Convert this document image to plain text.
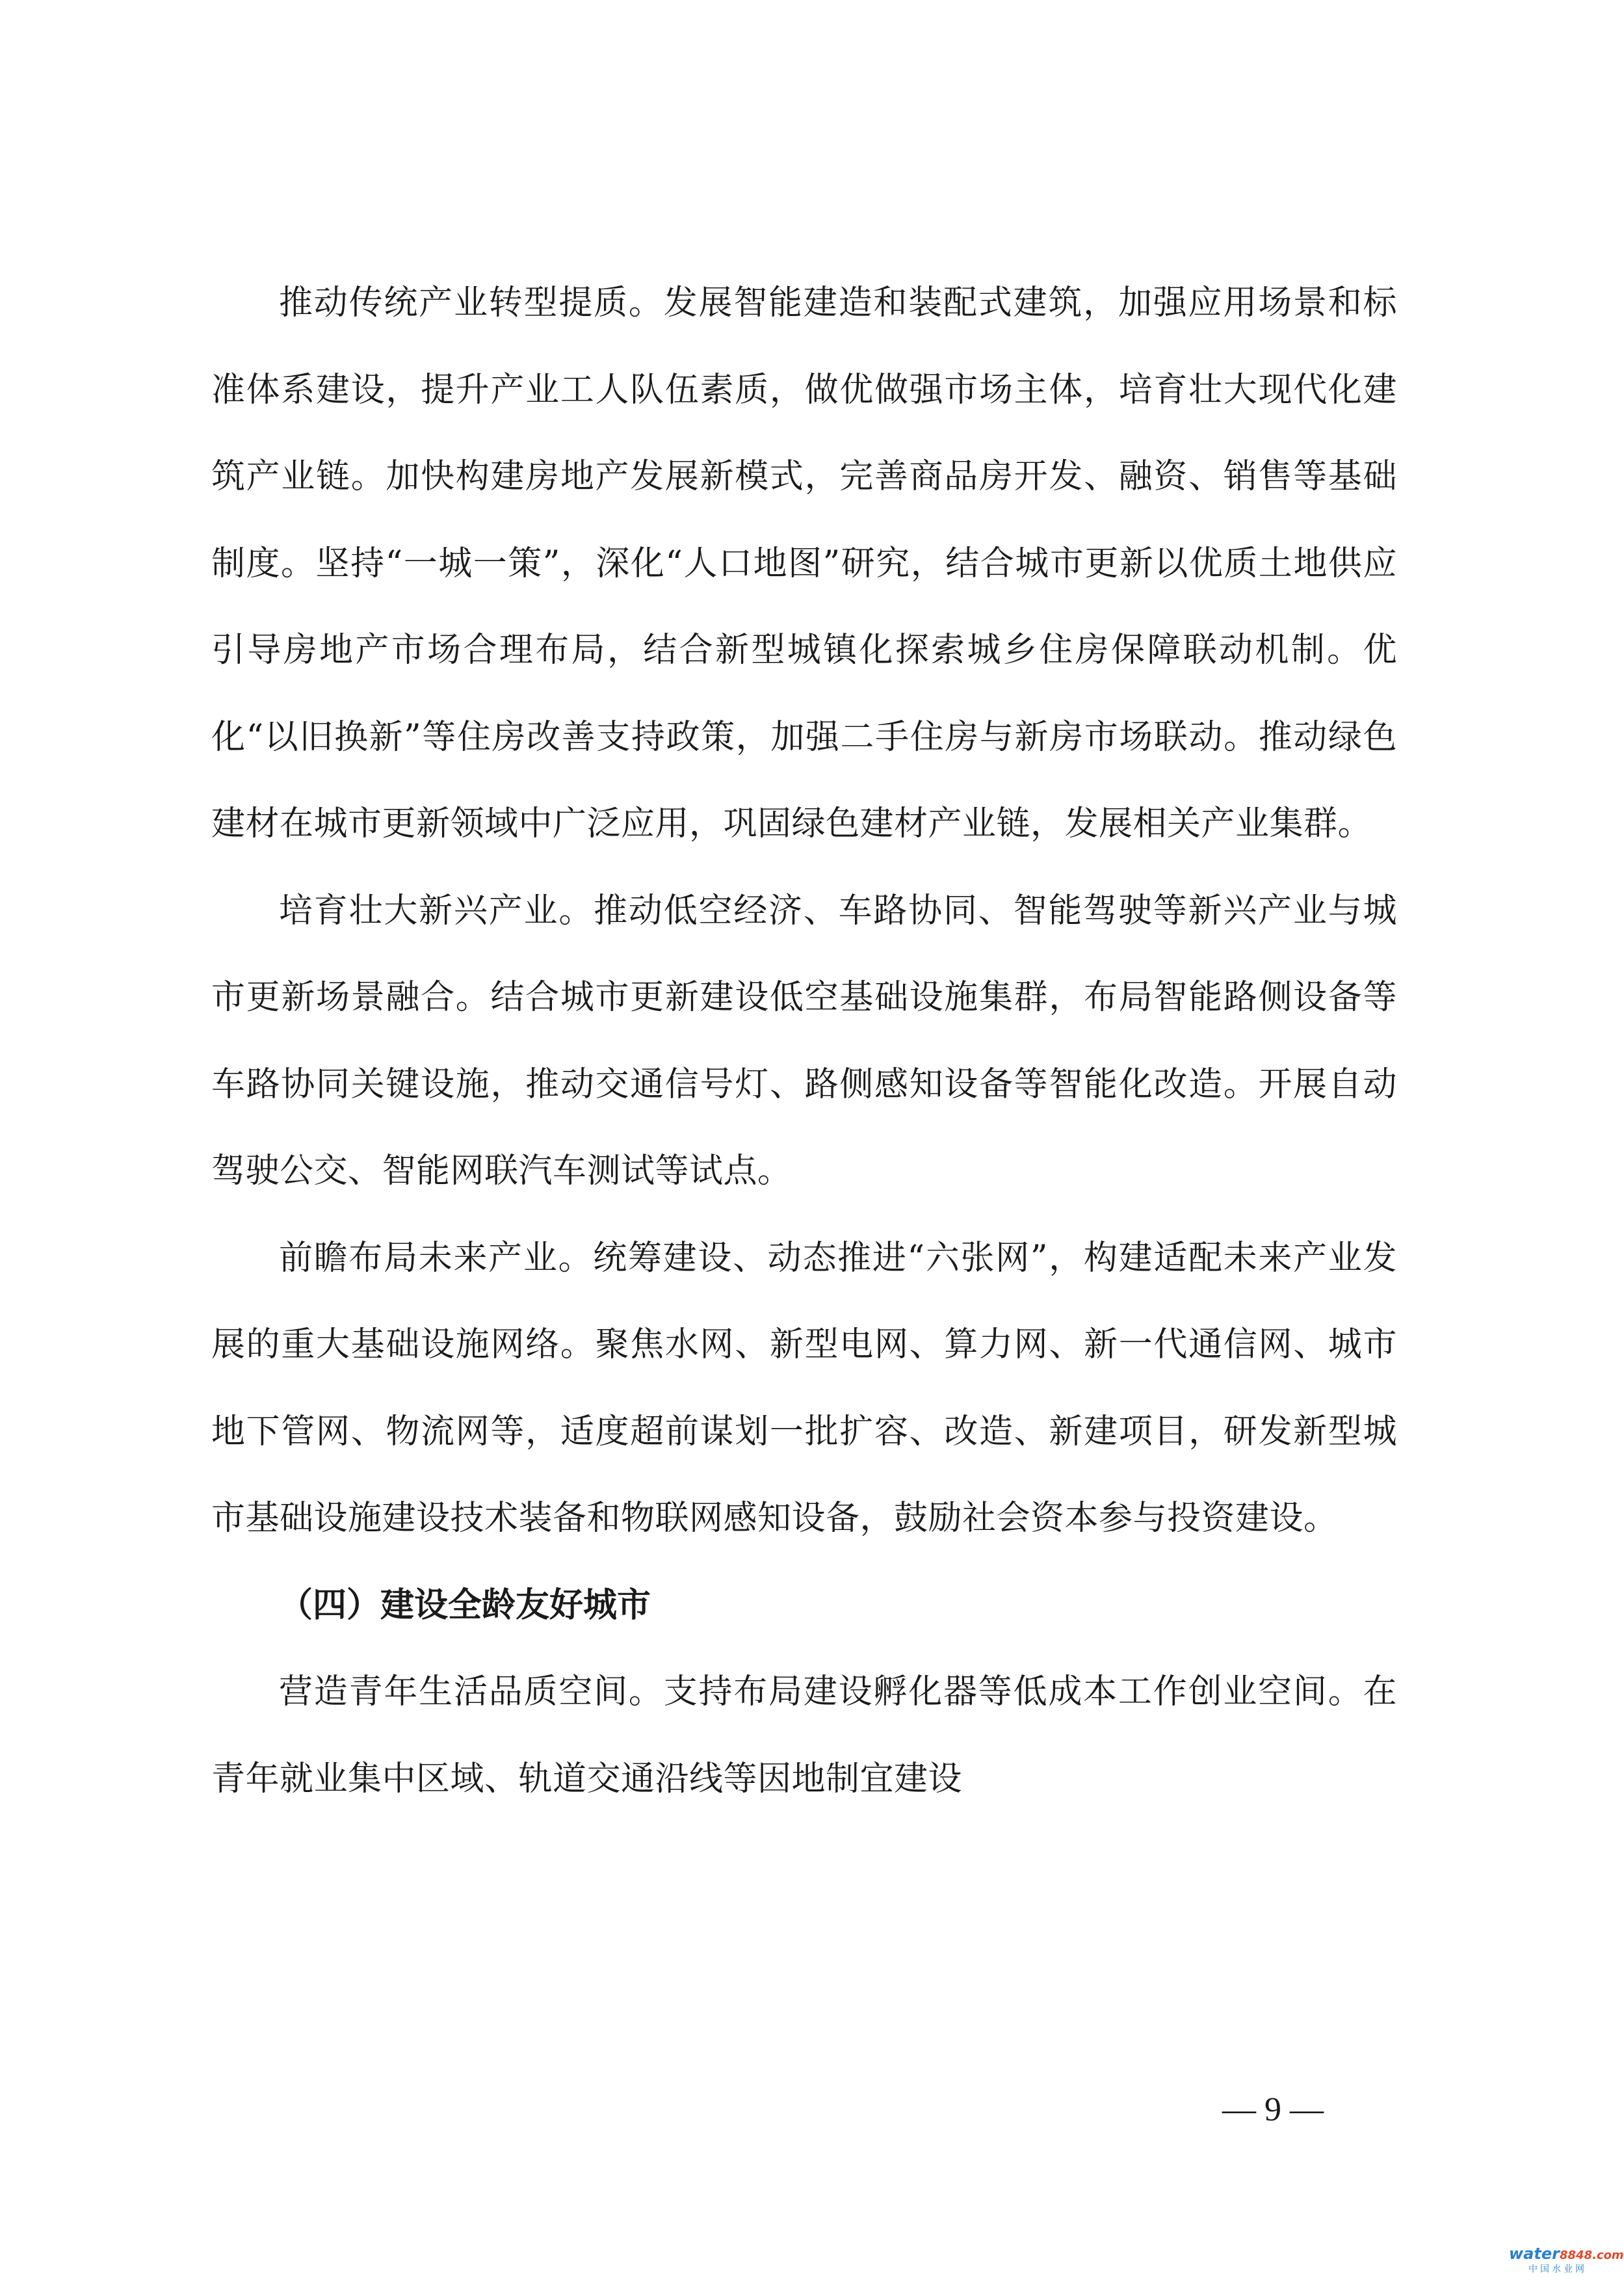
推动传统产业转型提质。发展智能建造和装配式建筑，加强应用场景和标准体系建设，提升产业工人队伍素质，做优做强市场主体，培育壮大现代化建筑产业链。加快构建房地产发展新模式，完善商品房开发、融资、销售等基础制度。坚持“一城一策”，深化“人口地图”研究，结合城市更新以优质土地供应引导房地产市场合理布局，结合新型城镇化探索城乡住房保障联动机制。优化“以旧换新”等住房改善支持政策，加强二手住房与新房市场联动。推动绿色建材在城市更新领域中广泛应用，巩固绿色建材产业链，发展相关产业集群。

培育壮大新兴产业。推动低空经济、车路协同、智能驾驶等新兴产业与城市更新场景融合。结合城市更新建设低空基础设施集群，布局智能路侧设备等车路协同关键设施，推动交通信号灯、路侧感知设备等智能化改造。开展自动驾驶公交、智能网联汽车测试等试点。

前瞻布局未来产业。统筹建设、动态推进“六张网”，构建适配未来产业发展的重大基础设施网络。聚焦水网、新型电网、算力网、新一代通信网、城市地下管网、物流网等，适度超前谋划一批扩容、改造、新建项目，研发新型城市基础设施建设技术装备和物联网感知设备，鼓励社会资本参与投资建设。

（四）建设全龄友好城市

营造青年生活品质空间。支持布局建设孵化器等低成本工作创业空间。在青年就业集中区域、轨道交通沿线等因地制宜建设

— 9 —
water8848.com
中国水业网
